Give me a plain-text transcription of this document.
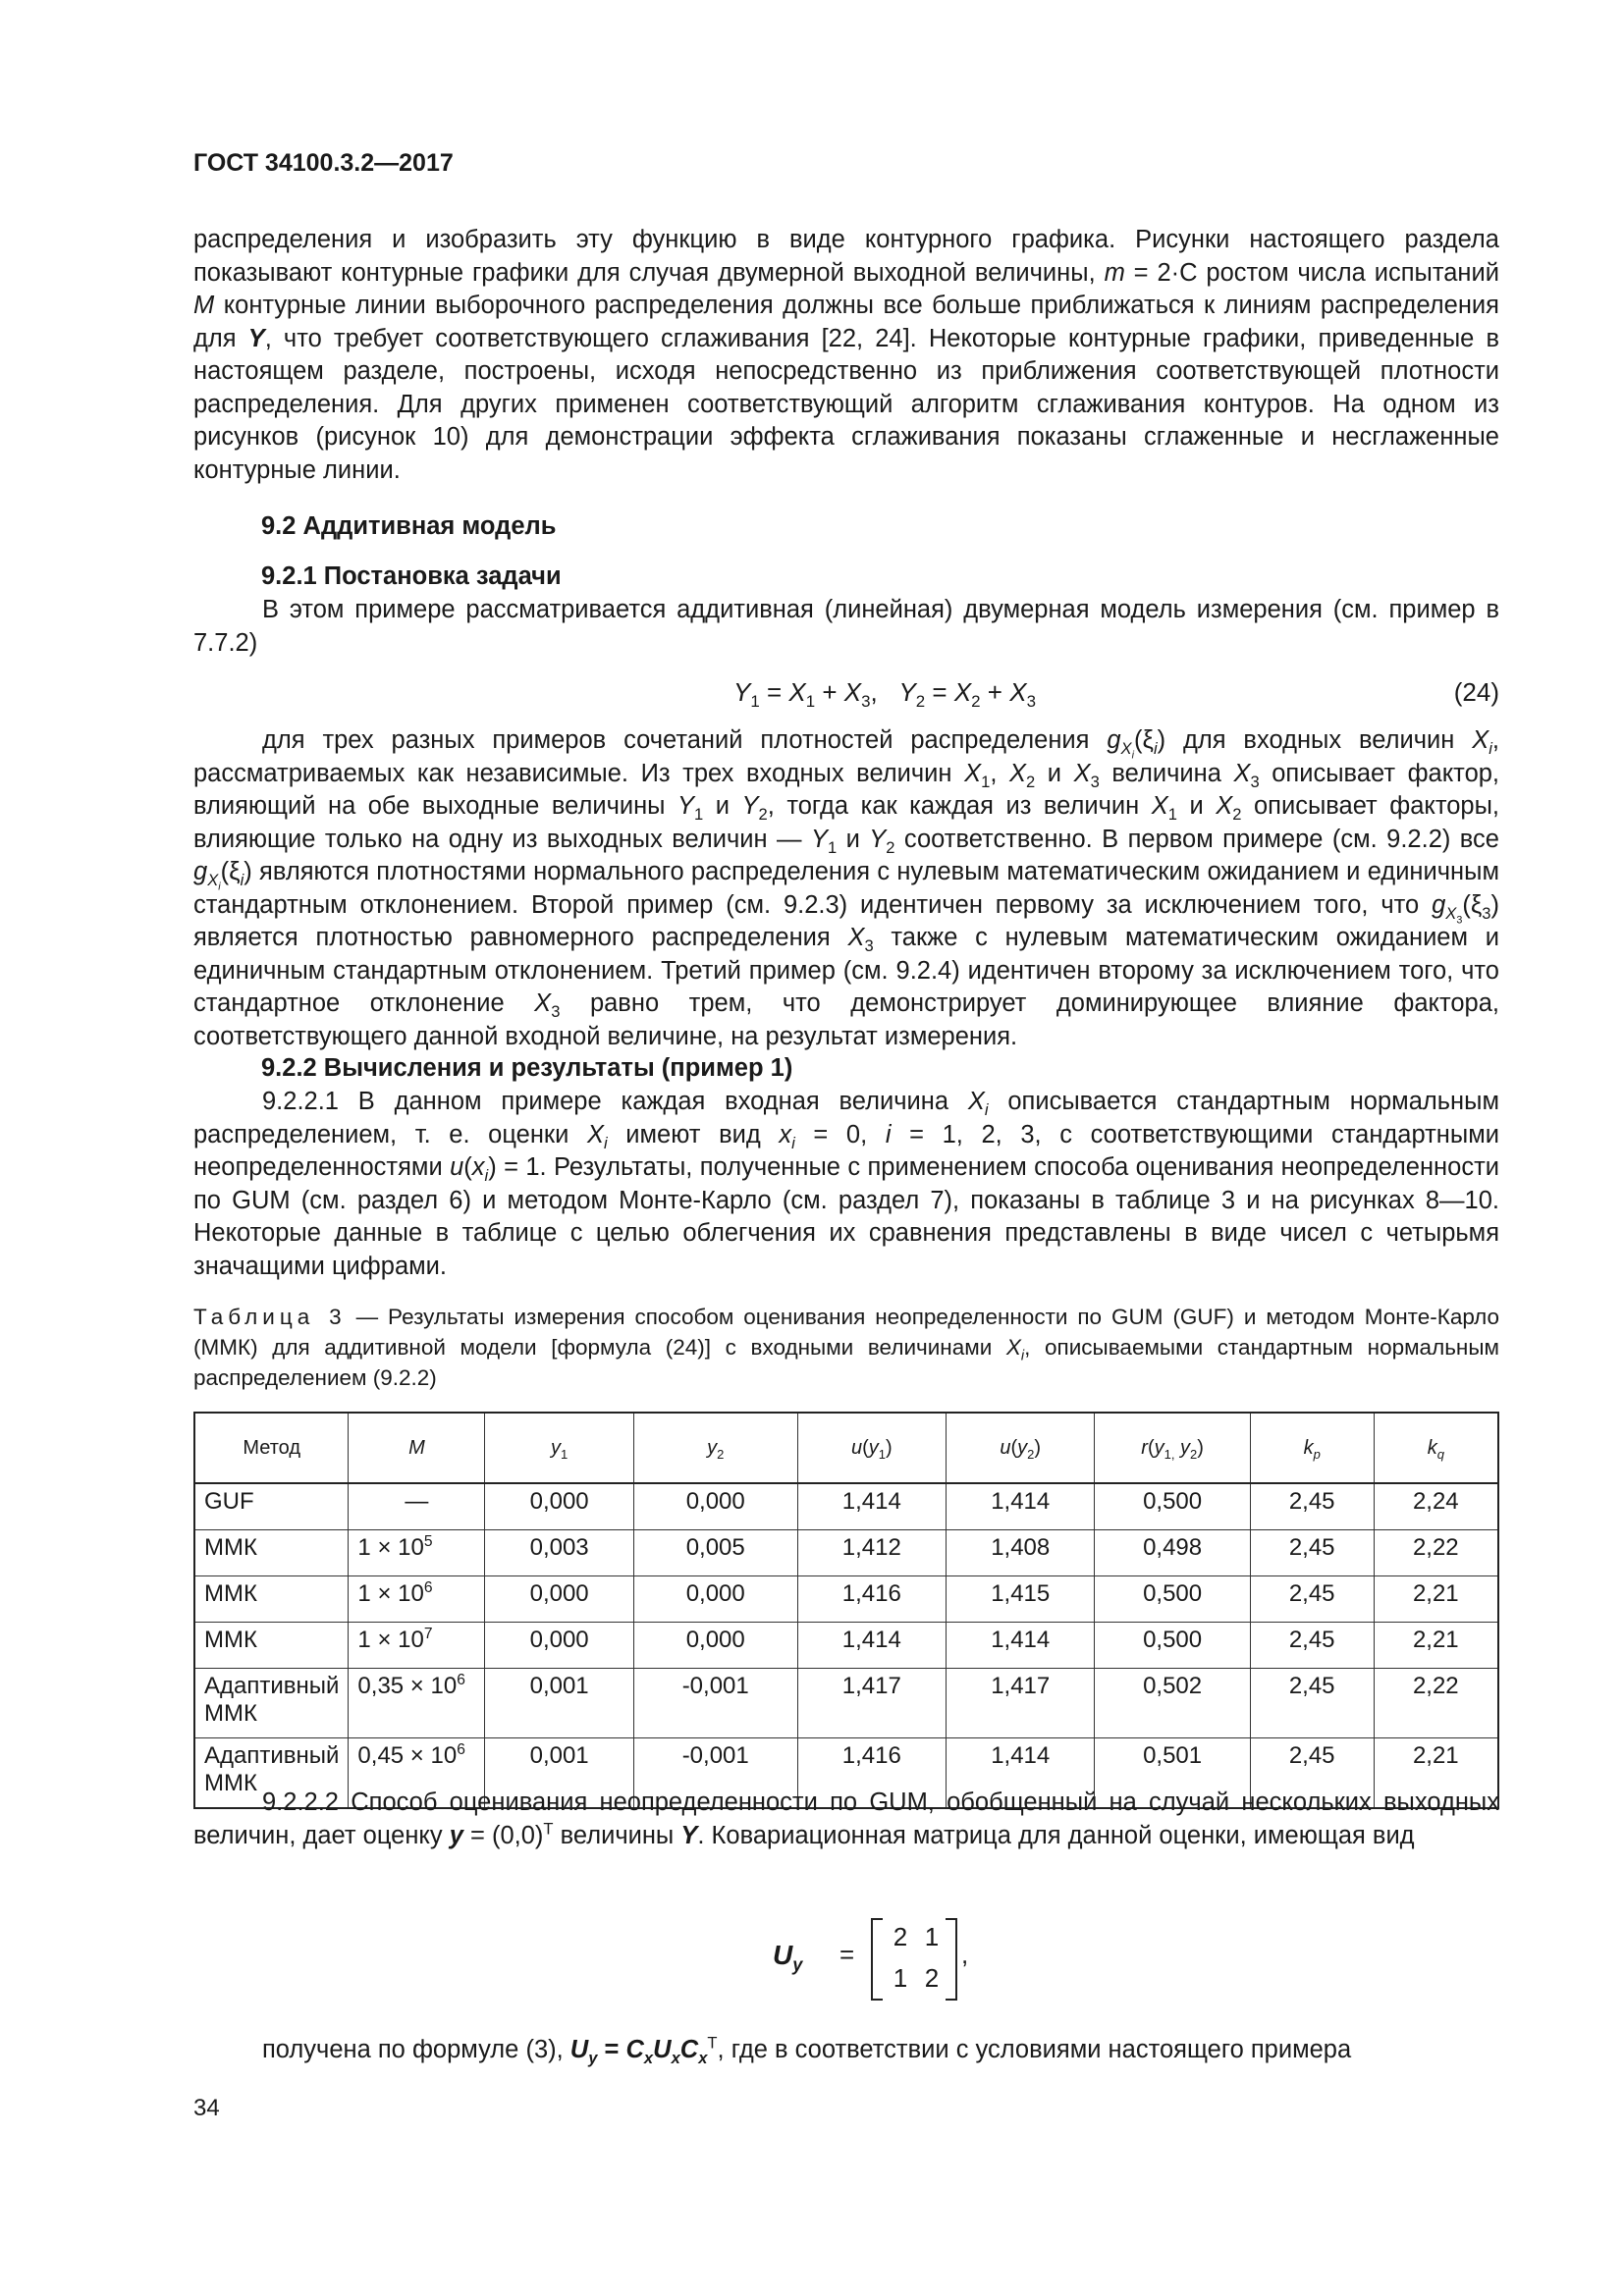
ГОСТ 34100.3.2—2017
распределения и изобразить эту функцию в виде контурного графика. Рисунки настоящего раздела показывают контурные графики для случая двумерной выходной величины, m = 2·С ростом числа испытаний M контурные линии выборочного распределения должны все больше приближаться к линиям распределения для Y, что требует соответствующего сглаживания [22, 24]. Некоторые контурные графики, приведенные в настоящем разделе, построены, исходя непосредственно из приближения соответствующей плотности распределения. Для других применен соответствующий алгоритм сглаживания контуров. На одном из рисунков (рисунок 10) для демонстрации эффекта сглаживания показаны сглаженные и несглаженные контурные линии.
9.2 Аддитивная модель
9.2.1 Постановка задачи
В этом примере рассматривается аддитивная (линейная) двумерная модель измерения (см. пример в 7.7.2)
$Y_1 = X_1 + X_3$,   $Y_2 = X_2 + X_3$	(24)
для трех разных примеров сочетаний плотностей распределения $g_{X_i}(\xi_i)$ для входных величин $X_i$, рассматриваемых как независимые. Из трех входных величин $X_1$, $X_2$ и $X_3$ величина $X_3$ описывает фактор, влияющий на обе выходные величины $Y_1$ и $Y_2$, тогда как каждая из величин $X_1$ и $X_2$ описывает факторы, влияющие только на одну из выходных величин — $Y_1$ и $Y_2$ соответственно. В первом примере (см. 9.2.2) все $g_{X_i}(\xi_i)$ являются плотностями нормального распределения с нулевым математическим ожиданием и единичным стандартным отклонением. Второй пример (см. 9.2.3) идентичен первому за исключением того, что $g_{X_3}(\xi_3)$ является плотностью равномерного распределения $X_3$ также с нулевым математическим ожиданием и единичным стандартным отклонением. Третий пример (см. 9.2.4) идентичен второму за исключением того, что стандартное отклонение $X_3$ равно трем, что демонстрирует доминирующее влияние фактора, соответствующего данной входной величине, на результат измерения.
9.2.2 Вычисления и результаты (пример 1)
9.2.2.1 В данном примере каждая входная величина $X_i$ описывается стандартным нормальным распределением, т. е. оценки $X_i$ имеют вид $x_i = 0$, i = 1, 2, 3, с соответствующими стандартными неопределенностями $u(x_i) = 1$. Результаты, полученные с применением способа оценивания неопределенности по GUM (см. раздел 6) и методом Монте-Карло (см. раздел 7), показаны в таблице 3 и на рисунках 8—10. Некоторые данные в таблице с целью облегчения их сравнения представлены в виде чисел с четырьмя значащими цифрами.
Таблица 3 — Результаты измерения способом оценивания неопределенности по GUM (GUF) и методом Монте-Карло (ММК) для аддитивной модели [формула (24)] с входными величинами $X_i$, описываемыми стандартным нормальным распределением (9.2.2)
Метод	M	$y_1$	$y_2$	$u(y_1)$	$u(y_2)$	$r(y_{1,}$ $y_2$)	$k_p$	$k_q$
GUF	—	0,000	0,000	1,414	1,414	0,500	2,45	2,24
ММК	$1 \times 10^5$	0,003	0,005	1,412	1,408	0,498	2,45	2,22
ММК	$1 \times 10^6$	0,000	0,000	1,416	1,415	0,500	2,45	2,21
ММК	$1 \times 10^7$	0,000	0,000	1,414	1,414	0,500	2,45	2,21
Адаптивный
ММК	$0,35 \times 10^6$	0,001	-0,001	1,417	1,417	0,502	2,45	2,22
Адаптивный
ММК	$0,45 \times 10^6$	0,001	-0,001	1,416	1,414	0,501	2,45	2,21
9.2.2.2 Способ оценивания неопределенности по GUM, обобщенный на случай нескольких выходных величин, дает оценку $y = (0,0)^T$ величины Y. Ковариационная матрица для данной оценки, имеющая вид
$U_y$ =
2 1
1 2
,
получена по формуле (3), $U_y = C_xU_xC_x^T$, где в соответствии с условиями настоящего примера
34
